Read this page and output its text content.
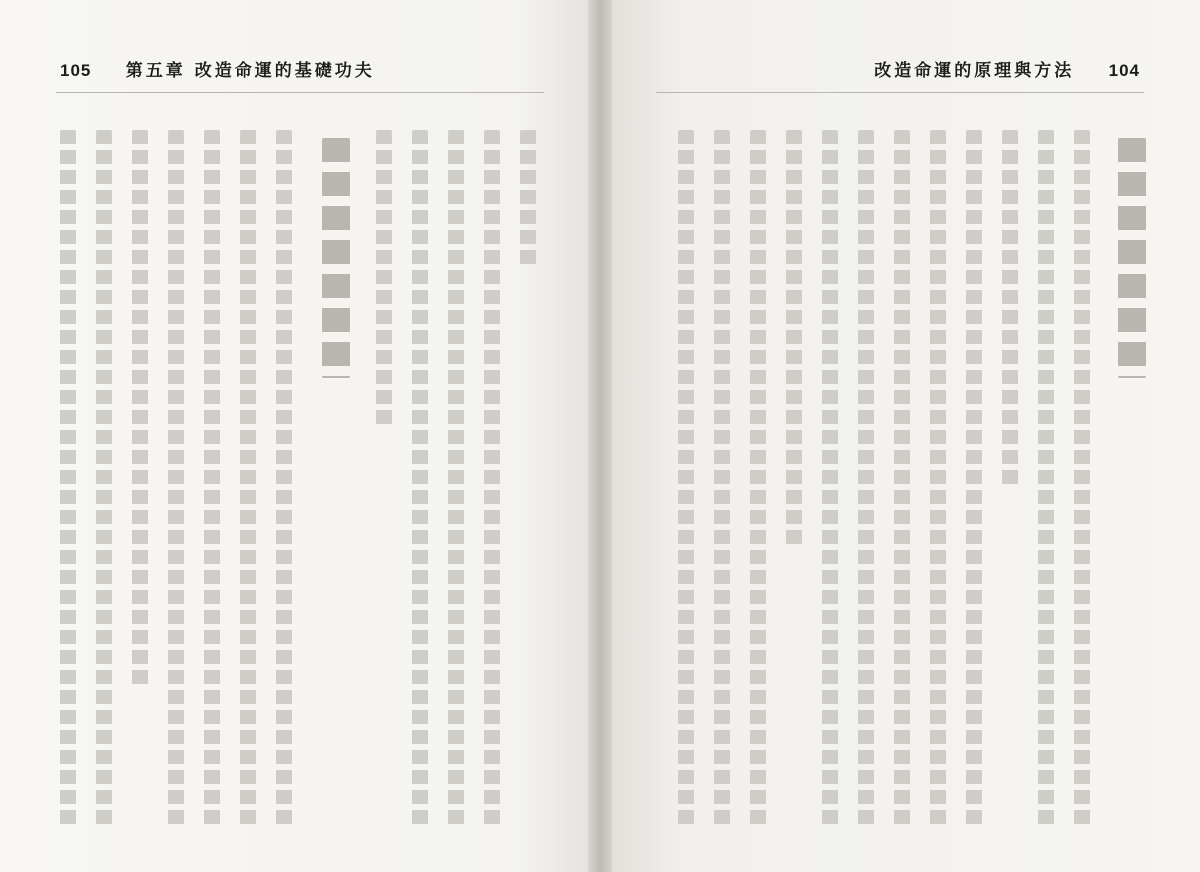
105 第五章 改造命運的基礎功夫	改造命運的原理與方法 104
